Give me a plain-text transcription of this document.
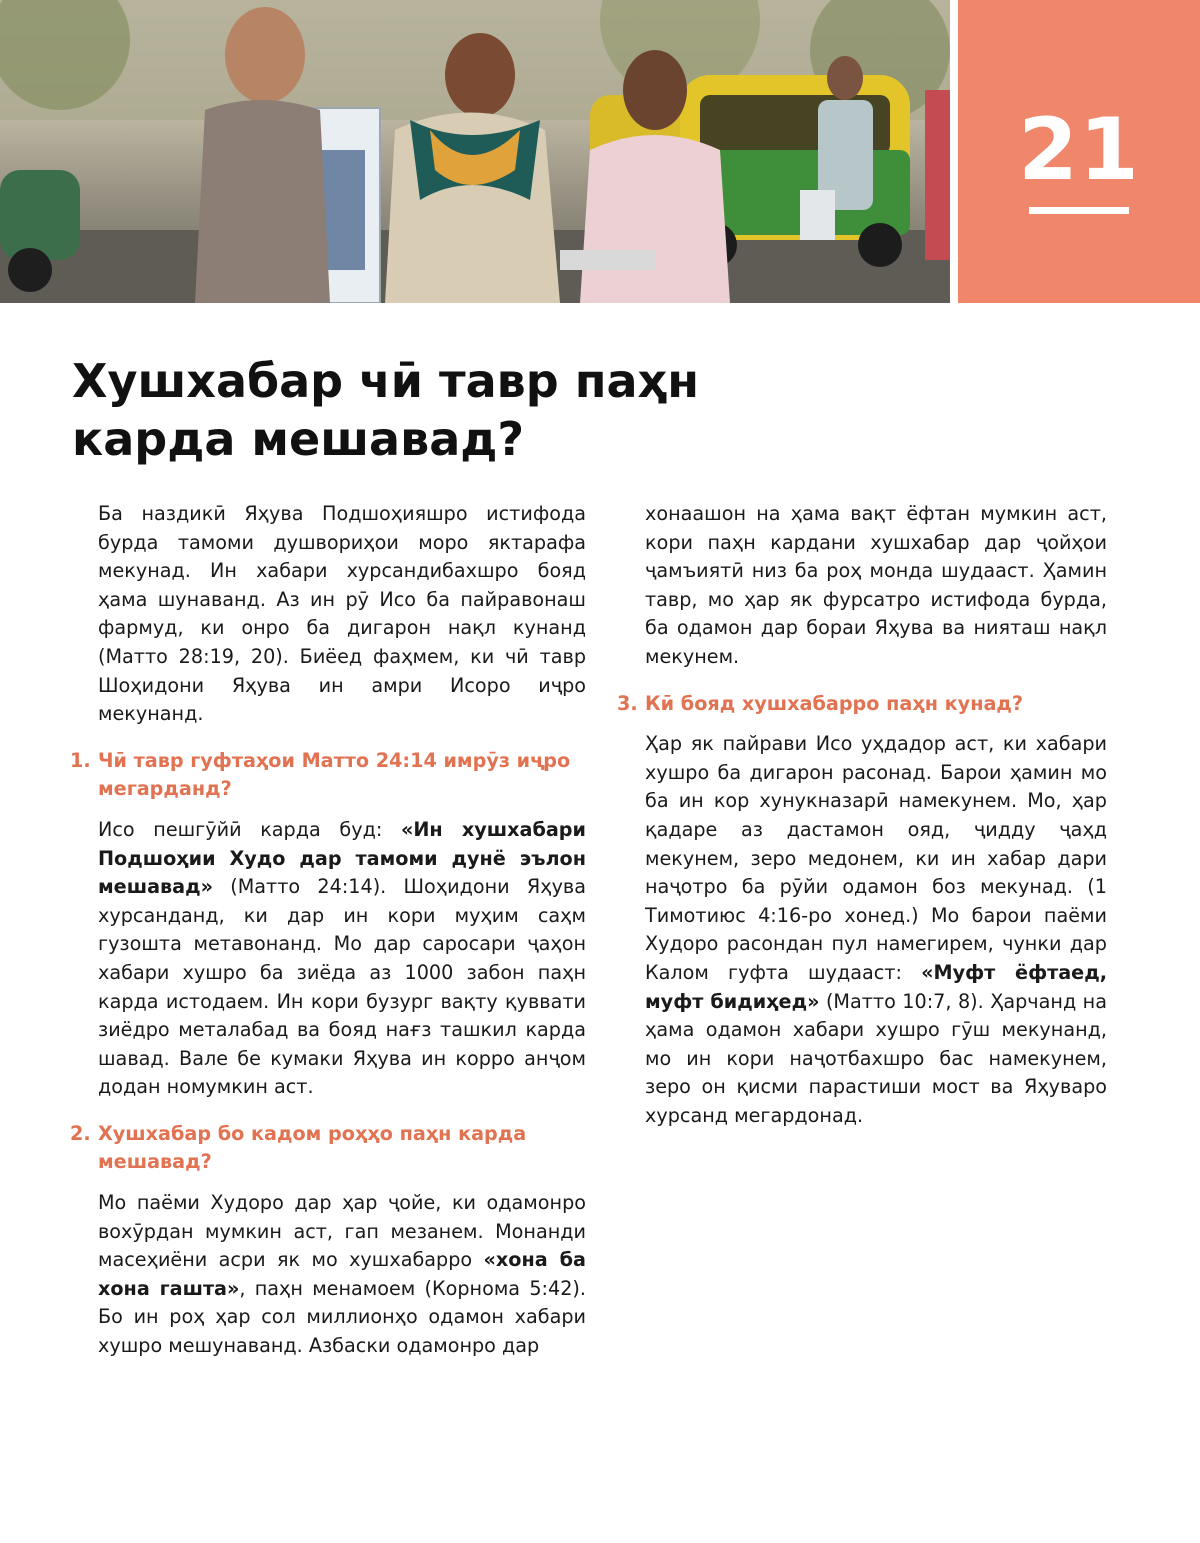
21
Хушхабар чӣ тавр паҳн карда мешавад?

Ба наздикӣ Яҳува Подшоҳияшро истифода бурда тамоми душвориҳои моро яктарафа мекунад. Ин хабари хурсандибахшро бояд ҳама шунаванд. Аз ин рӯ Исо ба пайравонаш фармуд, ки онро ба дигарон нақл кунанд (Матто 28:19, 20). Биёед фаҳмем, ки чӣ тавр Шоҳидони Яҳува ин амри Исоро иҷро мекунанд.

1. Чӣ тавр гуфтаҳои Матто 24:14 имрӯз иҷро мегарданд?

Исо пешгӯйӣ карда буд: «Ин хушхабари Подшоҳии Худо дар тамоми дунё эълон мешавад» (Матто 24:14). Шоҳидони Яҳува хурсанданд, ки дар ин кори муҳим саҳм гузошта метавонанд. Мо дар саросари ҷаҳон хабари хушро ба зиёда аз 1000 забон паҳн карда истодаем. Ин кори бузург вақту қуввати зиёдро металабад ва бояд нағз ташкил карда шавад. Вале бе кумаки Яҳува ин корро анҷом додан номумкин аст.

2. Хушхабар бо кадом роҳҳо паҳн карда мешавад?

Мо паёми Худоро дар ҳар ҷойе, ки одамонро вохӯрдан мумкин аст, гап мезанем. Монанди масеҳиёни асри як мо хушхабарро «хона ба хона гашта», паҳн менамоем (Корнома 5:42). Бо ин роҳ ҳар сол миллионҳо одамон хабари хушро мешунаванд. Азбаски одамонро дар

хонаашон на ҳама вақт ёфтан мумкин аст, кори паҳн кардани хушхабар дар ҷойҳои ҷамъиятӣ низ ба роҳ монда шудааст. Ҳамин тавр, мо ҳар як фурсатро истифода бурда, ба одамон дар бораи Яҳува ва нияташ нақл мекунем.

3. Кӣ бояд хушхабарро паҳн кунад?

Ҳар як пайрави Исо уҳдадор аст, ки хабари хушро ба дигарон расонад. Барои ҳамин мо ба ин кор хунукназарӣ намекунем. Мо, ҳар қадаре аз дастамон ояд, ҷидду ҷаҳд мекунем, зеро медонем, ки ин хабар дари наҷотро ба рӯйи одамон боз мекунад. (1 Тимотиюс 4:16-ро хонед.) Мо барои паёми Худоро расондан пул намегирем, чунки дар Калом гуфта шудааст: «Муфт ёфтаед, муфт бидиҳед» (Матто 10:7, 8). Ҳарчанд на ҳама одамон хабари хушро гӯш мекунанд, мо ин кори наҷотбахшро бас намекунем, зеро он қисми парастиши мост ва Яҳуваро хурсанд мегардонад.
